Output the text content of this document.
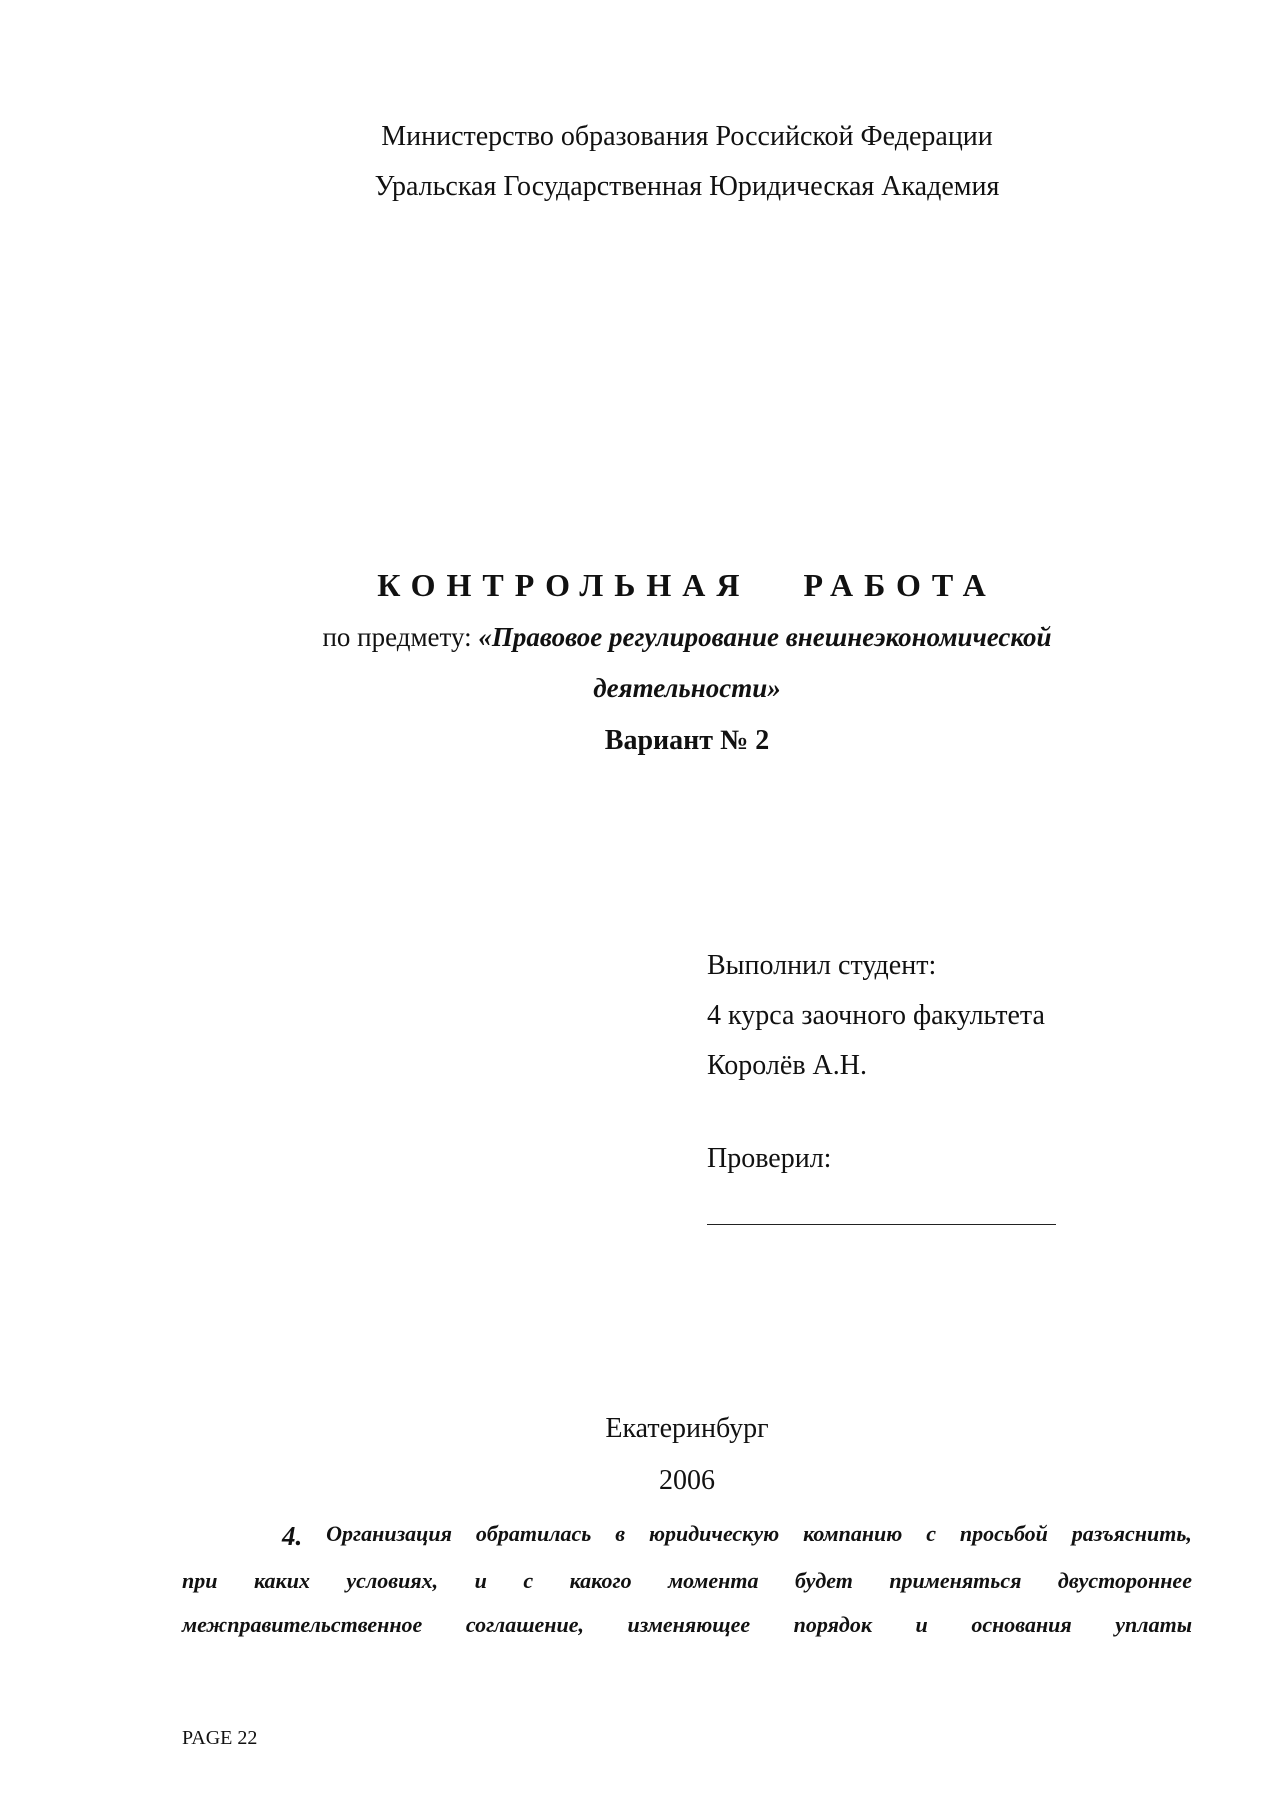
Министерство образования Российской Федерации
Уральская Государственная Юридическая Академия
КОНТРОЛЬНАЯ РАБОТА
по предмету: «Правовое регулирование внешнеэкономической
деятельности»
Вариант № 2
Выполнил студент:
4 курса заочного факультета
Королёв А.Н.
Проверил:
Екатеринбург
2006
4. Организация обратилась в юридическую компанию с просьбой разъяснить,
при каких условиях, и с какого момента будет применяться двустороннее
межправительственное соглашение, изменяющее порядок и основания уплаты
PAGE 22
